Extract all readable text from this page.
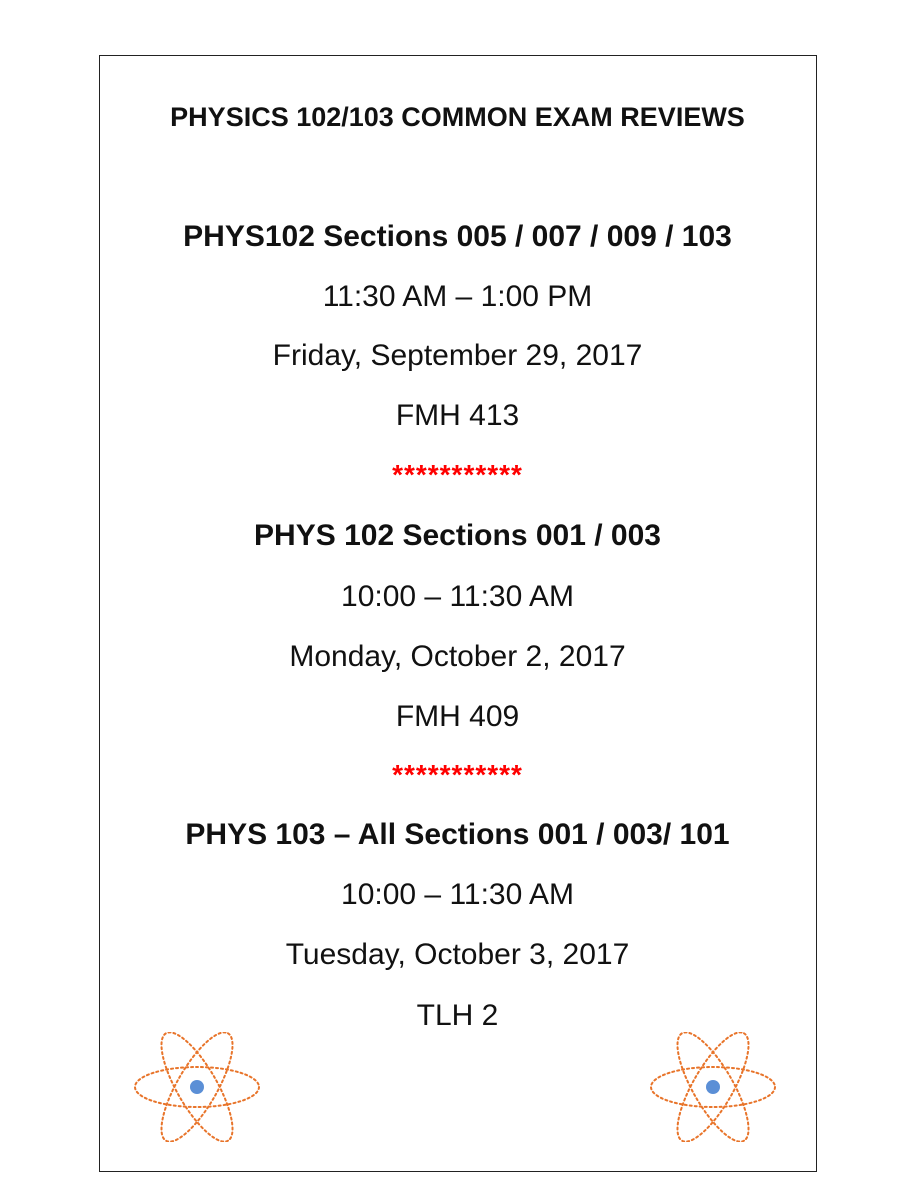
PHYSICS 102/103 COMMON EXAM REVIEWS
PHYS102 Sections 005 / 007 / 009 / 103
11:30 AM – 1:00 PM
Friday, September 29, 2017
FMH 413
***********
PHYS 102 Sections 001 / 003
10:00 – 11:30 AM
Monday, October 2, 2017
FMH 409
***********
PHYS 103 – All Sections 001 / 003/ 101
10:00 – 11:30 AM
Tuesday, October 3, 2017
TLH 2
